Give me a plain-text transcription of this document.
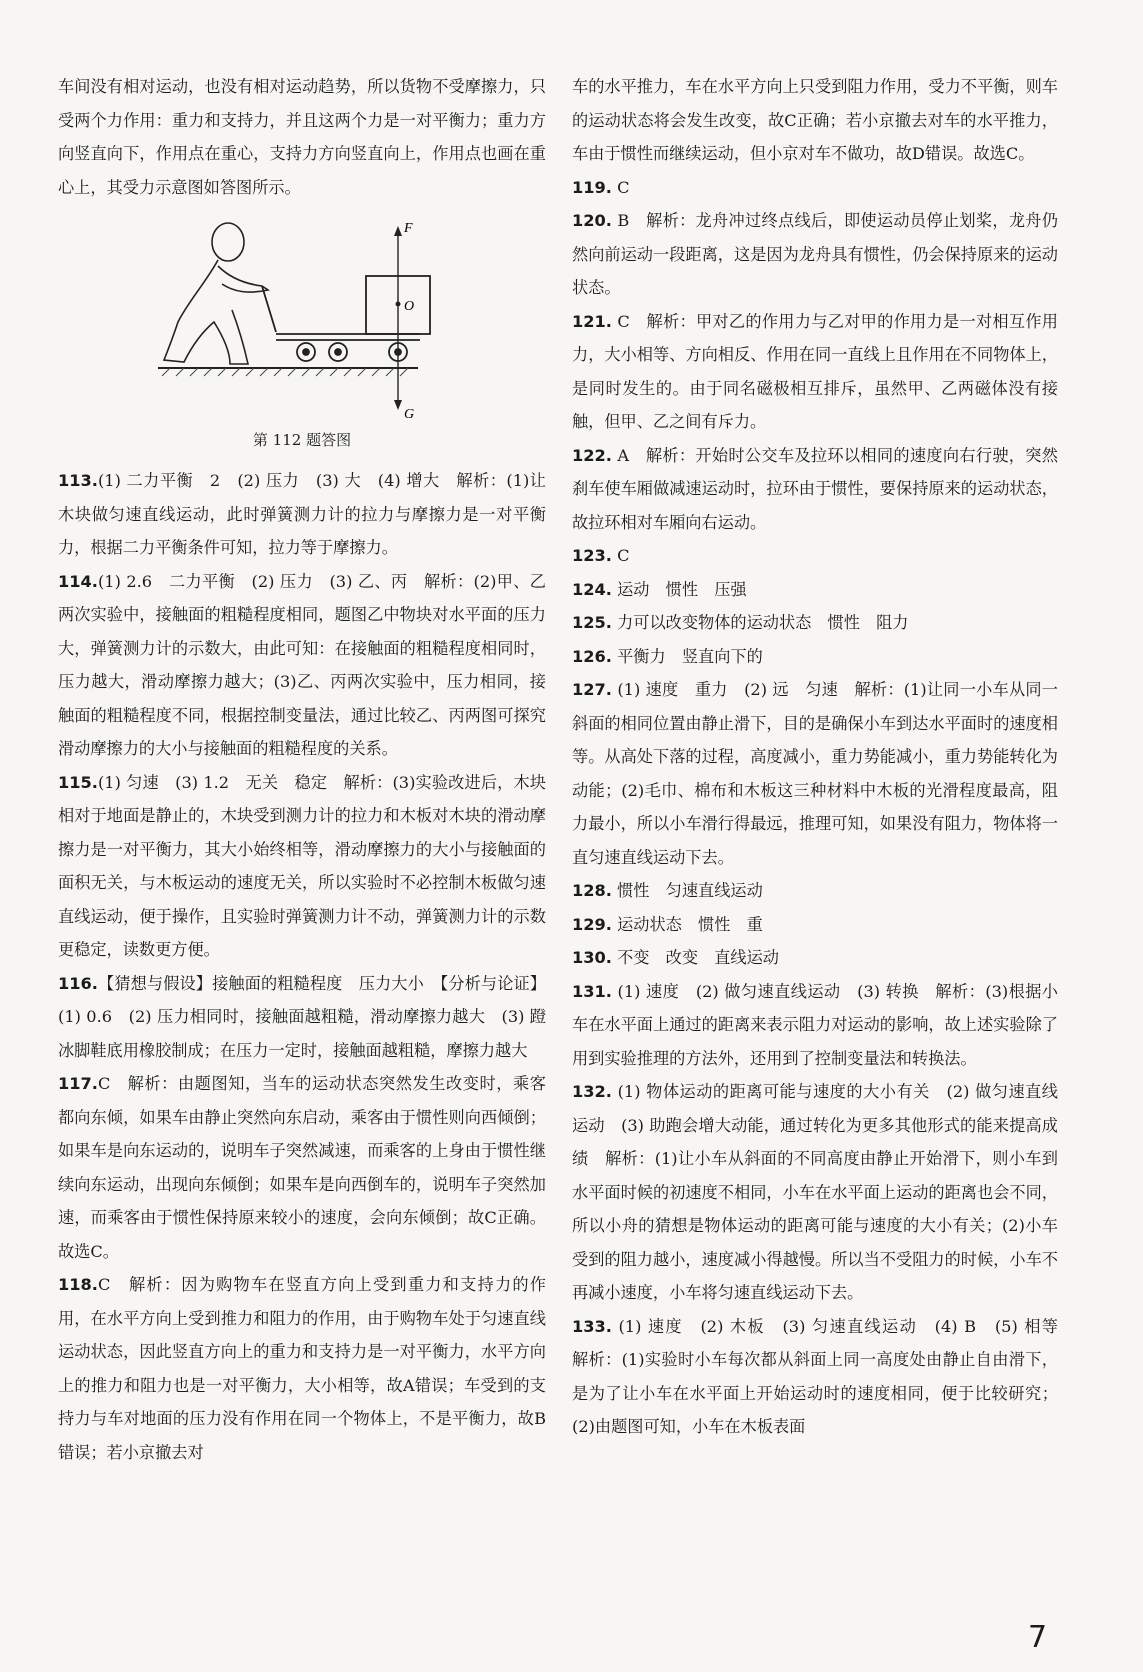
车间没有相对运动，也没有相对运动趋势，所以货物不受摩擦力，只受两个力作用：重力和支持力，并且这两个力是一对平衡力；重力方向竖直向下，作用点在重心，支持力方向竖直向上，作用点也画在重心上，其受力示意图如答图所示。

F
O
G
第 112 题答图

113.(1) 二力平衡　2　(2) 压力　(3) 大　(4) 增大　解析：(1)让木块做匀速直线运动，此时弹簧测力计的拉力与摩擦力是一对平衡力，根据二力平衡条件可知，拉力等于摩擦力。

114.(1) 2.6　二力平衡　(2) 压力　(3) 乙、丙　解析：(2)甲、乙两次实验中，接触面的粗糙程度相同，题图乙中物块对水平面的压力大，弹簧测力计的示数大，由此可知：在接触面的粗糙程度相同时，压力越大，滑动摩擦力越大；(3)乙、丙两次实验中，压力相同，接触面的粗糙程度不同，根据控制变量法，通过比较乙、丙两图可探究滑动摩擦力的大小与接触面的粗糙程度的关系。

115.(1) 匀速　(3) 1.2　无关　稳定　解析：(3)实验改进后，木块相对于地面是静止的，木块受到测力计的拉力和木板对木块的滑动摩擦力是一对平衡力，其大小始终相等，滑动摩擦力的大小与接触面的面积无关，与木板运动的速度无关，所以实验时不必控制木板做匀速直线运动，便于操作，且实验时弹簧测力计不动，弹簧测力计的示数更稳定，读数更方便。

116.【猜想与假设】接触面的粗糙程度　压力大小　【分析与论证】(1) 0.6　(2) 压力相同时，接触面越粗糙，滑动摩擦力越大　(3) 蹬冰脚鞋底用橡胶制成；在压力一定时，接触面越粗糙，摩擦力越大

117.C　解析：由题图知，当车的运动状态突然发生改变时，乘客都向东倾，如果车由静止突然向东启动，乘客由于惯性则向西倾倒；如果车是向东运动的，说明车子突然减速，而乘客的上身由于惯性继续向东运动，出现向东倾倒；如果车是向西倒车的，说明车子突然加速，而乘客由于惯性保持原来较小的速度，会向东倾倒；故C正确。故选C。

118.C　解析：因为购物车在竖直方向上受到重力和支持力的作用，在水平方向上受到推力和阻力的作用，由于购物车处于匀速直线运动状态，因此竖直方向上的重力和支持力是一对平衡力，水平方向上的推力和阻力也是一对平衡力，大小相等，故A错误；车受到的支持力与车对地面的压力没有作用在同一个物体上，不是平衡力，故B错误；若小京撤去对

车的水平推力，车在水平方向上只受到阻力作用，受力不平衡，则车的运动状态将会发生改变，故C正确；若小京撤去对车的水平推力，车由于惯性而继续运动，但小京对车不做功，故D错误。故选C。

119. C

120. B　解析：龙舟冲过终点线后，即使运动员停止划桨，龙舟仍然向前运动一段距离，这是因为龙舟具有惯性，仍会保持原来的运动状态。

121. C　解析：甲对乙的作用力与乙对甲的作用力是一对相互作用力，大小相等、方向相反、作用在同一直线上且作用在不同物体上，是同时发生的。由于同名磁极相互排斥，虽然甲、乙两磁体没有接触，但甲、乙之间有斥力。

122. A　解析：开始时公交车及拉环以相同的速度向右行驶，突然刹车使车厢做减速运动时，拉环由于惯性，要保持原来的运动状态，故拉环相对车厢向右运动。

123. C

124. 运动　惯性　压强

125. 力可以改变物体的运动状态　惯性　阻力

126. 平衡力　竖直向下的

127. (1) 速度　重力　(2) 远　匀速　解析：(1)让同一小车从同一斜面的相同位置由静止滑下，目的是确保小车到达水平面时的速度相等。从高处下落的过程，高度减小，重力势能减小，重力势能转化为动能；(2)毛巾、棉布和木板这三种材料中木板的光滑程度最高，阻力最小，所以小车滑行得最远，推理可知，如果没有阻力，物体将一直匀速直线运动下去。

128. 惯性　匀速直线运动

129. 运动状态　惯性　重

130. 不变　改变　直线运动

131. (1) 速度　(2) 做匀速直线运动　(3) 转换　解析：(3)根据小车在水平面上通过的距离来表示阻力对运动的影响，故上述实验除了用到实验推理的方法外，还用到了控制变量法和转换法。

132. (1) 物体运动的距离可能与速度的大小有关　(2) 做匀速直线运动　(3) 助跑会增大动能，通过转化为更多其他形式的能来提高成绩　解析：(1)让小车从斜面的不同高度由静止开始滑下，则小车到水平面时候的初速度不相同，小车在水平面上运动的距离也会不同，所以小舟的猜想是物体运动的距离可能与速度的大小有关；(2)小车受到的阻力越小，速度减小得越慢。所以当不受阻力的时候，小车不再减小速度，小车将匀速直线运动下去。

133. (1) 速度　(2) 木板　(3) 匀速直线运动　(4) B　(5) 相等　解析：(1)实验时小车每次都从斜面上同一高度处由静止自由滑下，是为了让小车在水平面上开始运动时的速度相同，便于比较研究；(2)由题图可知，小车在木板表面

7
